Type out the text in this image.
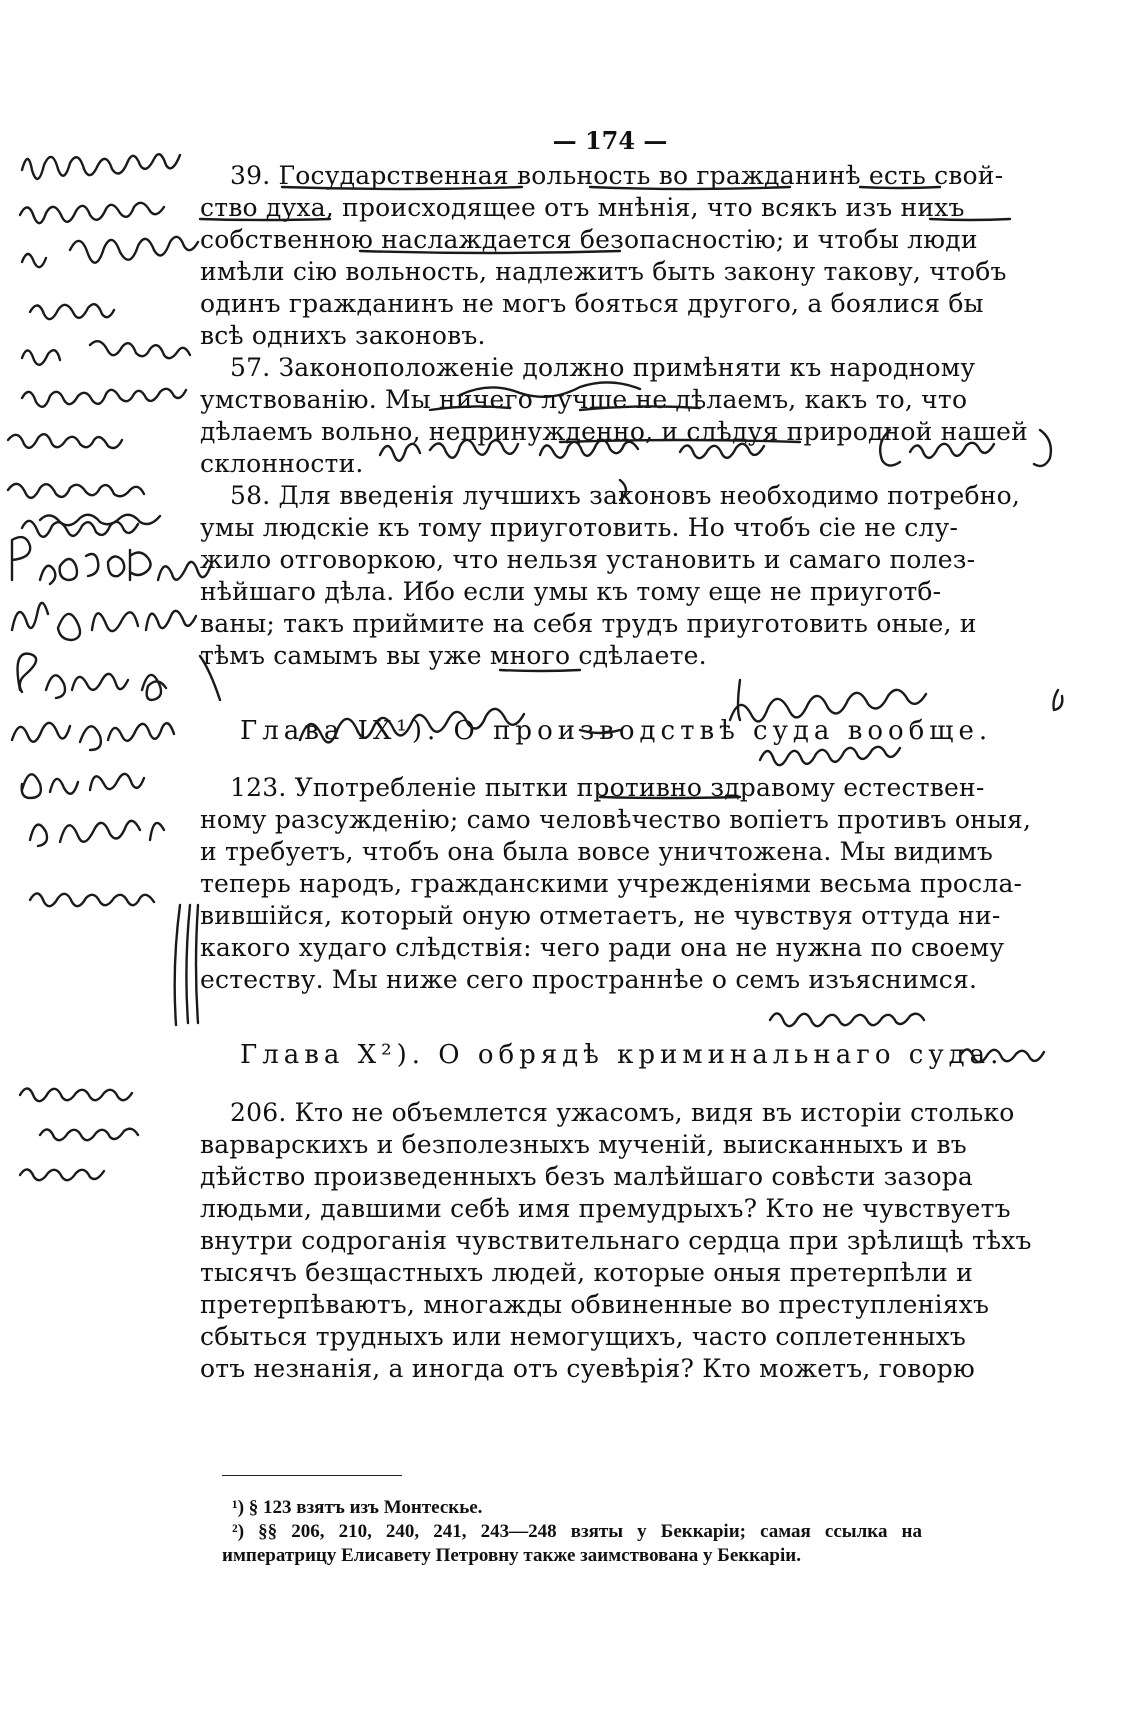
— 174 —
39. Государственная вольность во гражданинѣ есть свой-
ство духа, происходящее отъ мнѣнія, что всякъ изъ нихъ
собственною наслаждается безопасностію; и чтобы люди
имѣли сію вольность, надлежитъ быть закону такову, чтобъ
одинъ гражданинъ не могъ бояться другого, а боялися бы
всѣ однихъ законовъ.
57. Законоположеніе должно примѣняти къ народному
умствованію. Мы ничего лучше не дѣлаемъ, какъ то, что
дѣлаемъ вольно, непринужденно, и слѣдуя природной нашей
склонности.
58. Для введенія лучшихъ законовъ необходимо потребно,
умы людскіе къ тому приуготовить. Но чтобъ сіе не слу-
жило отговоркою, что нельзя установить и самаго полез-
нѣйшаго дѣла. Ибо если умы къ тому еще не приуготб-
ваны; такъ приймите на себя трудъ приуготовить оные, и
тѣмъ самымъ вы уже много сдѣлаете.
Глава IX¹). О производствѣ суда вообще.
123. Употребленіе пытки противно здравому естествен-
ному разсужденію; само человѣчество вопіетъ противъ оныя,
и требуетъ, чтобъ она была вовсе уничтожена. Мы видимъ
теперь народъ, гражданскими учрежденіями весьма просла-
вившійся, который оную отметаетъ, не чувствуя оттуда ни-
какого худаго слѣдствія: чего ради она не нужна по своему
естеству. Мы ниже сего пространнѣе о семъ изъяснимся.
Глава X²). О обрядѣ криминальнаго суда.
206. Кто не объемлется ужасомъ, видя въ исторіи столько
варварскихъ и безполезныхъ мученій, выисканныхъ и въ
дѣйство произведенныхъ безъ малѣйшаго совѣсти зазора
людьми, давшими себѣ имя премудрыхъ? Кто не чувствуетъ
внутри содроганія чувствительнаго сердца при зрѣлищѣ тѣхъ
тысячъ безщастныхъ людей, которые оныя претерпѣли и
претерпѣваютъ, многажды обвиненные во преступленіяхъ
сбыться трудныхъ или немогущихъ, часто соплетенныхъ
отъ незнанія, а иногда отъ суевѣрія? Кто можетъ, говорю
¹) § 123 взятъ изъ Монтескье.
²) §§ 206, 210, 240, 241, 243—248 взяты у Беккаріи; самая ссылка на
императрицу Елисавету Петровну также заимствована у Беккаріи.
